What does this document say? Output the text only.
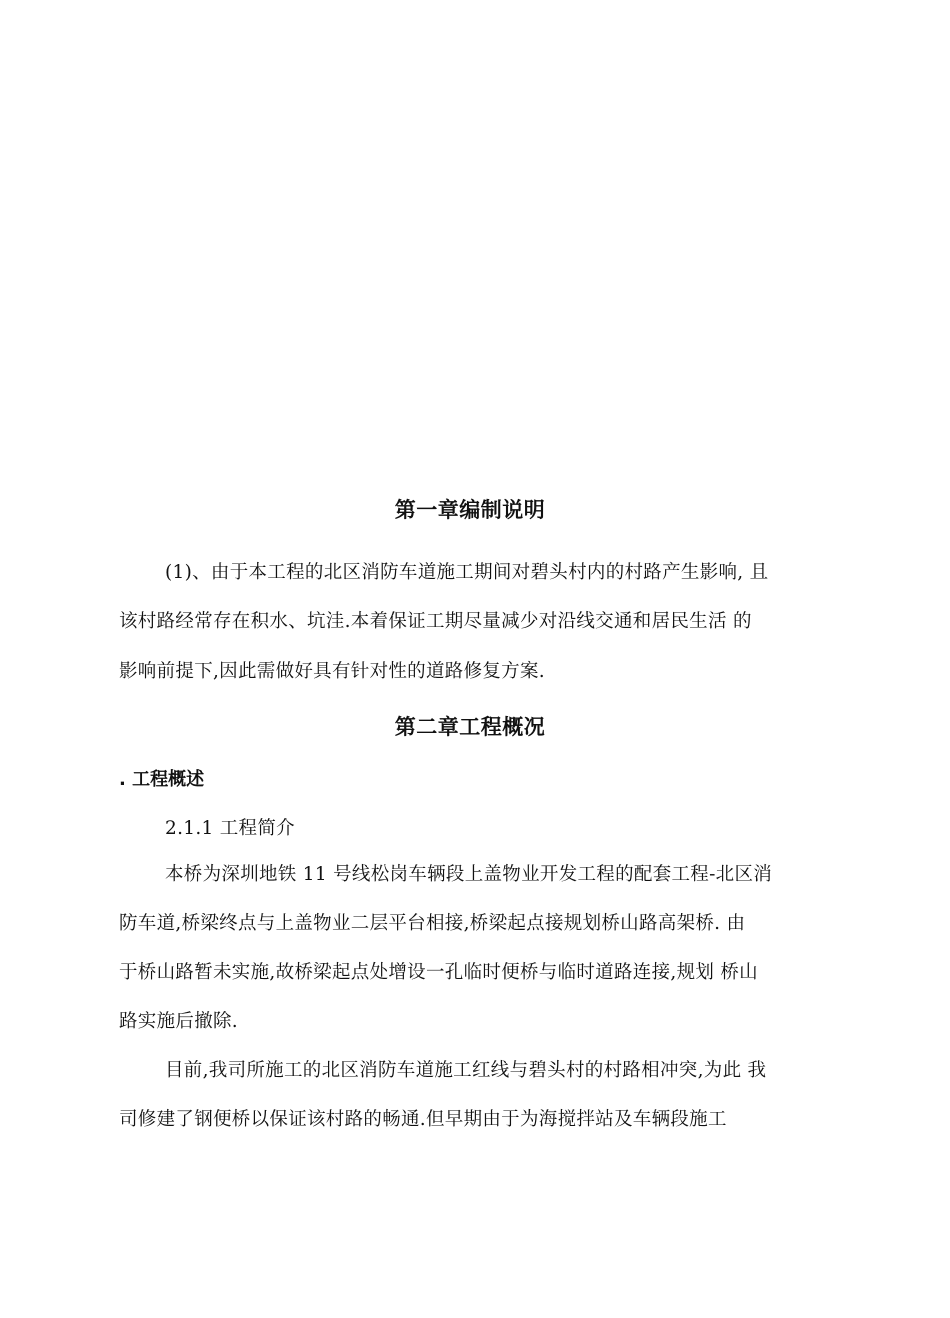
第一章编制说明
(1)、由于本工程的北区消防车道施工期间对碧头村内的村路产生影响, 且
该村路经常存在积水、坑洼.本着保证工期尽量减少对沿线交通和居民生活 的
影响前提下,因此需做好具有针对性的道路修复方案.
第二章工程概况
. 工程概述
2.1.1 工程简介
本桥为深圳地铁 11 号线松岗车辆段上盖物业开发工程的配套工程-北区消
防车道,桥梁终点与上盖物业二层平台相接,桥梁起点接规划桥山路高架桥. 由
于桥山路暂未实施,故桥梁起点处增设一孔临时便桥与临时道路连接,规划 桥山
路实施后撤除.
目前,我司所施工的北区消防车道施工红线与碧头村的村路相冲突,为此 我
司修建了钢便桥以保证该村路的畅通.但早期由于为海搅拌站及车辆段施工
